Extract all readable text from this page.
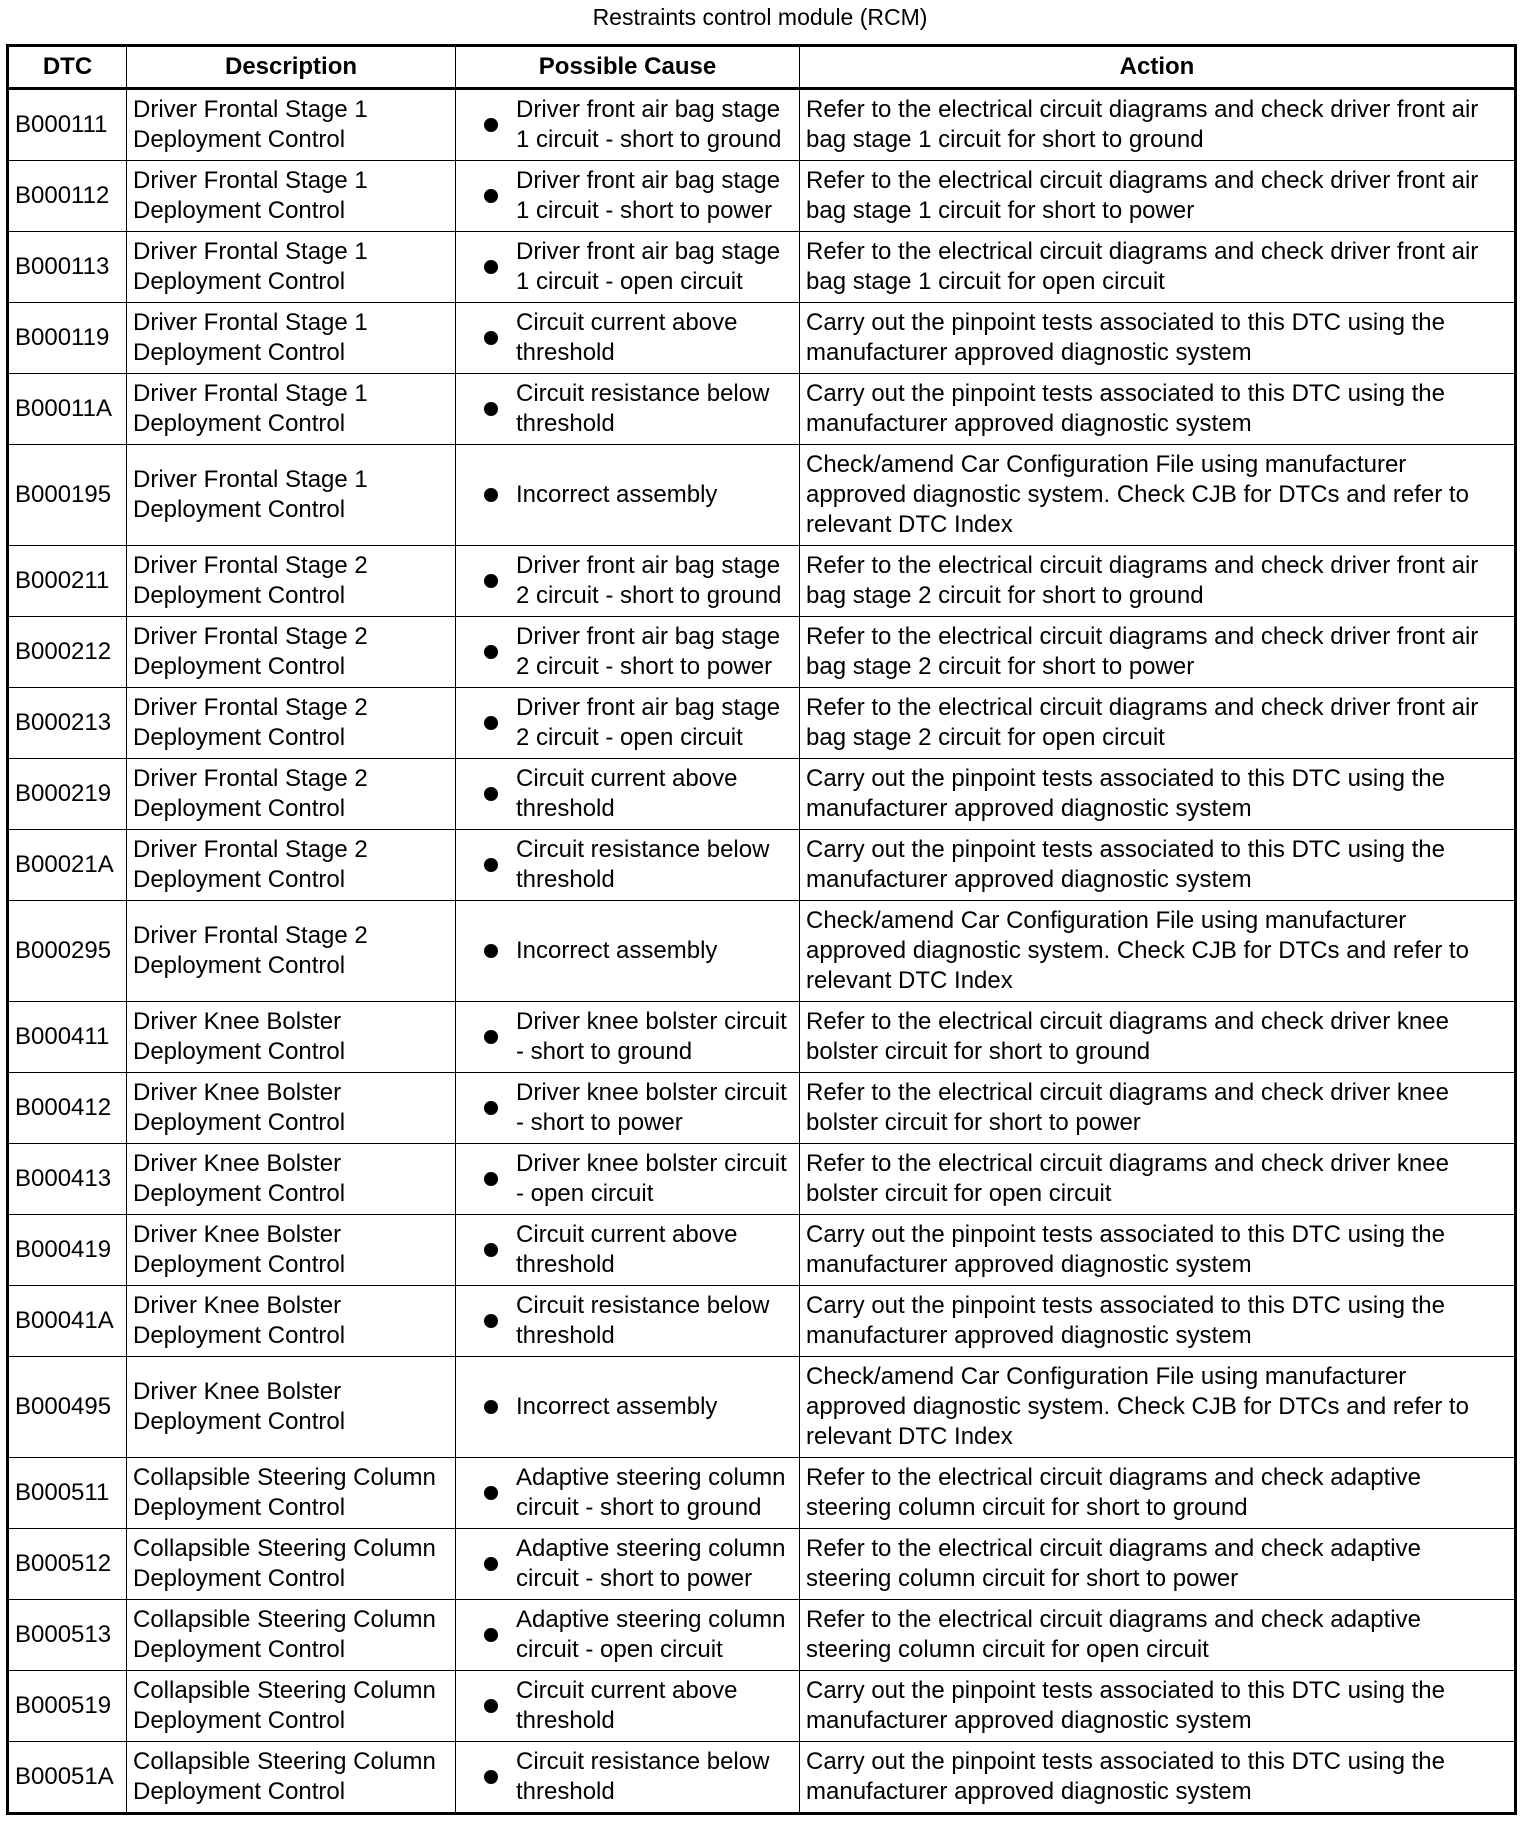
Restraints control module (RCM)
DTC	Description	Possible Cause	Action
B000111	Driver Frontal Stage 1 Deployment Control	Driver front air bag stage 1 circuit - short to ground	Refer to the electrical circuit diagrams and check driver front air bag stage 1 circuit for short to ground
B000112	Driver Frontal Stage 1 Deployment Control	Driver front air bag stage 1 circuit - short to power	Refer to the electrical circuit diagrams and check driver front air bag stage 1 circuit for short to power
B000113	Driver Frontal Stage 1 Deployment Control	Driver front air bag stage 1 circuit - open circuit	Refer to the electrical circuit diagrams and check driver front air bag stage 1 circuit for open circuit
B000119	Driver Frontal Stage 1 Deployment Control	Circuit current above threshold	Carry out the pinpoint tests associated to this DTC using the manufacturer approved diagnostic system
B00011A	Driver Frontal Stage 1 Deployment Control	Circuit resistance below threshold	Carry out the pinpoint tests associated to this DTC using the manufacturer approved diagnostic system
B000195	Driver Frontal Stage 1 Deployment Control	Incorrect assembly	Check/amend Car Configuration File using manufacturer approved diagnostic system. Check CJB for DTCs and refer to relevant DTC Index
B000211	Driver Frontal Stage 2 Deployment Control	Driver front air bag stage 2 circuit - short to ground	Refer to the electrical circuit diagrams and check driver front air bag stage 2 circuit for short to ground
B000212	Driver Frontal Stage 2 Deployment Control	Driver front air bag stage 2 circuit - short to power	Refer to the electrical circuit diagrams and check driver front air bag stage 2 circuit for short to power
B000213	Driver Frontal Stage 2 Deployment Control	Driver front air bag stage 2 circuit - open circuit	Refer to the electrical circuit diagrams and check driver front air bag stage 2 circuit for open circuit
B000219	Driver Frontal Stage 2 Deployment Control	Circuit current above threshold	Carry out the pinpoint tests associated to this DTC using the manufacturer approved diagnostic system
B00021A	Driver Frontal Stage 2 Deployment Control	Circuit resistance below threshold	Carry out the pinpoint tests associated to this DTC using the manufacturer approved diagnostic system
B000295	Driver Frontal Stage 2 Deployment Control	Incorrect assembly	Check/amend Car Configuration File using manufacturer approved diagnostic system. Check CJB for DTCs and refer to relevant DTC Index
B000411	Driver Knee Bolster Deployment Control	Driver knee bolster circuit - short to ground	Refer to the electrical circuit diagrams and check driver knee bolster circuit for short to ground
B000412	Driver Knee Bolster Deployment Control	Driver knee bolster circuit - short to power	Refer to the electrical circuit diagrams and check driver knee bolster circuit for short to power
B000413	Driver Knee Bolster Deployment Control	Driver knee bolster circuit - open circuit	Refer to the electrical circuit diagrams and check driver knee bolster circuit for open circuit
B000419	Driver Knee Bolster Deployment Control	Circuit current above threshold	Carry out the pinpoint tests associated to this DTC using the manufacturer approved diagnostic system
B00041A	Driver Knee Bolster Deployment Control	Circuit resistance below threshold	Carry out the pinpoint tests associated to this DTC using the manufacturer approved diagnostic system
B000495	Driver Knee Bolster Deployment Control	Incorrect assembly	Check/amend Car Configuration File using manufacturer approved diagnostic system. Check CJB for DTCs and refer to relevant DTC Index
B000511	Collapsible Steering Column Deployment Control	Adaptive steering column circuit - short to ground	Refer to the electrical circuit diagrams and check adaptive steering column circuit for short to ground
B000512	Collapsible Steering Column Deployment Control	Adaptive steering column circuit - short to power	Refer to the electrical circuit diagrams and check adaptive steering column circuit for short to power
B000513	Collapsible Steering Column Deployment Control	Adaptive steering column circuit - open circuit	Refer to the electrical circuit diagrams and check adaptive steering column circuit for open circuit
B000519	Collapsible Steering Column Deployment Control	Circuit current above threshold	Carry out the pinpoint tests associated to this DTC using the manufacturer approved diagnostic system
B00051A	Collapsible Steering Column Deployment Control	Circuit resistance below threshold	Carry out the pinpoint tests associated to this DTC using the manufacturer approved diagnostic system
